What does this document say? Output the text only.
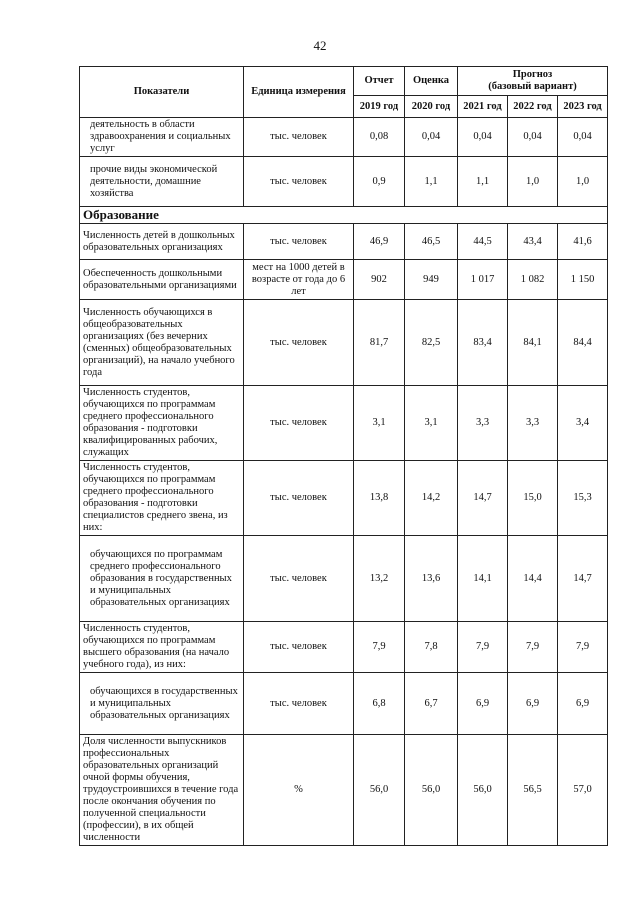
42
Показатели	Единица измерения	Отчет	Оценка	Прогноз
(базовый вариант)		

		2019 год	2020 год	2021 год	2022 год	2023 год
деятельность в области здравоохранения и социальных услуг	тыс. человек	0,08	0,04	0,04	0,04	0,04
прочие виды экономической деятельности, домашние хозяйства	тыс. человек	0,9	1,1	1,1	1,0	1,0
Образование						
Численность детей в дошкольных образовательных организациях	тыс. человек	46,9	46,5	44,5	43,4	41,6
Обеспеченность дошкольными образовательными организациями	мест на 1000 детей в возрасте от года до 6 лет	902	949	1 017	1 082	1 150
Численность обучающихся в общеобразовательных организациях (без вечерних (сменных) общеобразовательных организаций), на начало учебного года	тыс. человек	81,7	82,5	83,4	84,1	84,4
Численность студентов, обучающихся по программам среднего профессионального образования - подготовки квалифицированных рабочих, служащих	тыс. человек	3,1	3,1	3,3	3,3	3,4
Численность студентов, обучающихся по программам среднего профессионального образования - подготовки специалистов среднего звена, из них:	тыс. человек	13,8	14,2	14,7	15,0	15,3
обучающихся по программам среднего профессионального образования в государственных и муниципальных образовательных организациях	тыс. человек	13,2	13,6	14,1	14,4	14,7
Численность студентов, обучающихся по программам высшего образования (на начало учебного года), из них:	тыс. человек	7,9	7,8	7,9	7,9	7,9
обучающихся в государственных и муниципальных образовательных организациях	тыс. человек	6,8	6,7	6,9	6,9	6,9
Доля численности выпускников профессиональных образовательных организаций очной формы обучения, трудоустроившихся в течение года после окончания обучения по полученной специальности (профессии), в их общей численности	%	56,0	56,0	56,0	56,5	57,0
